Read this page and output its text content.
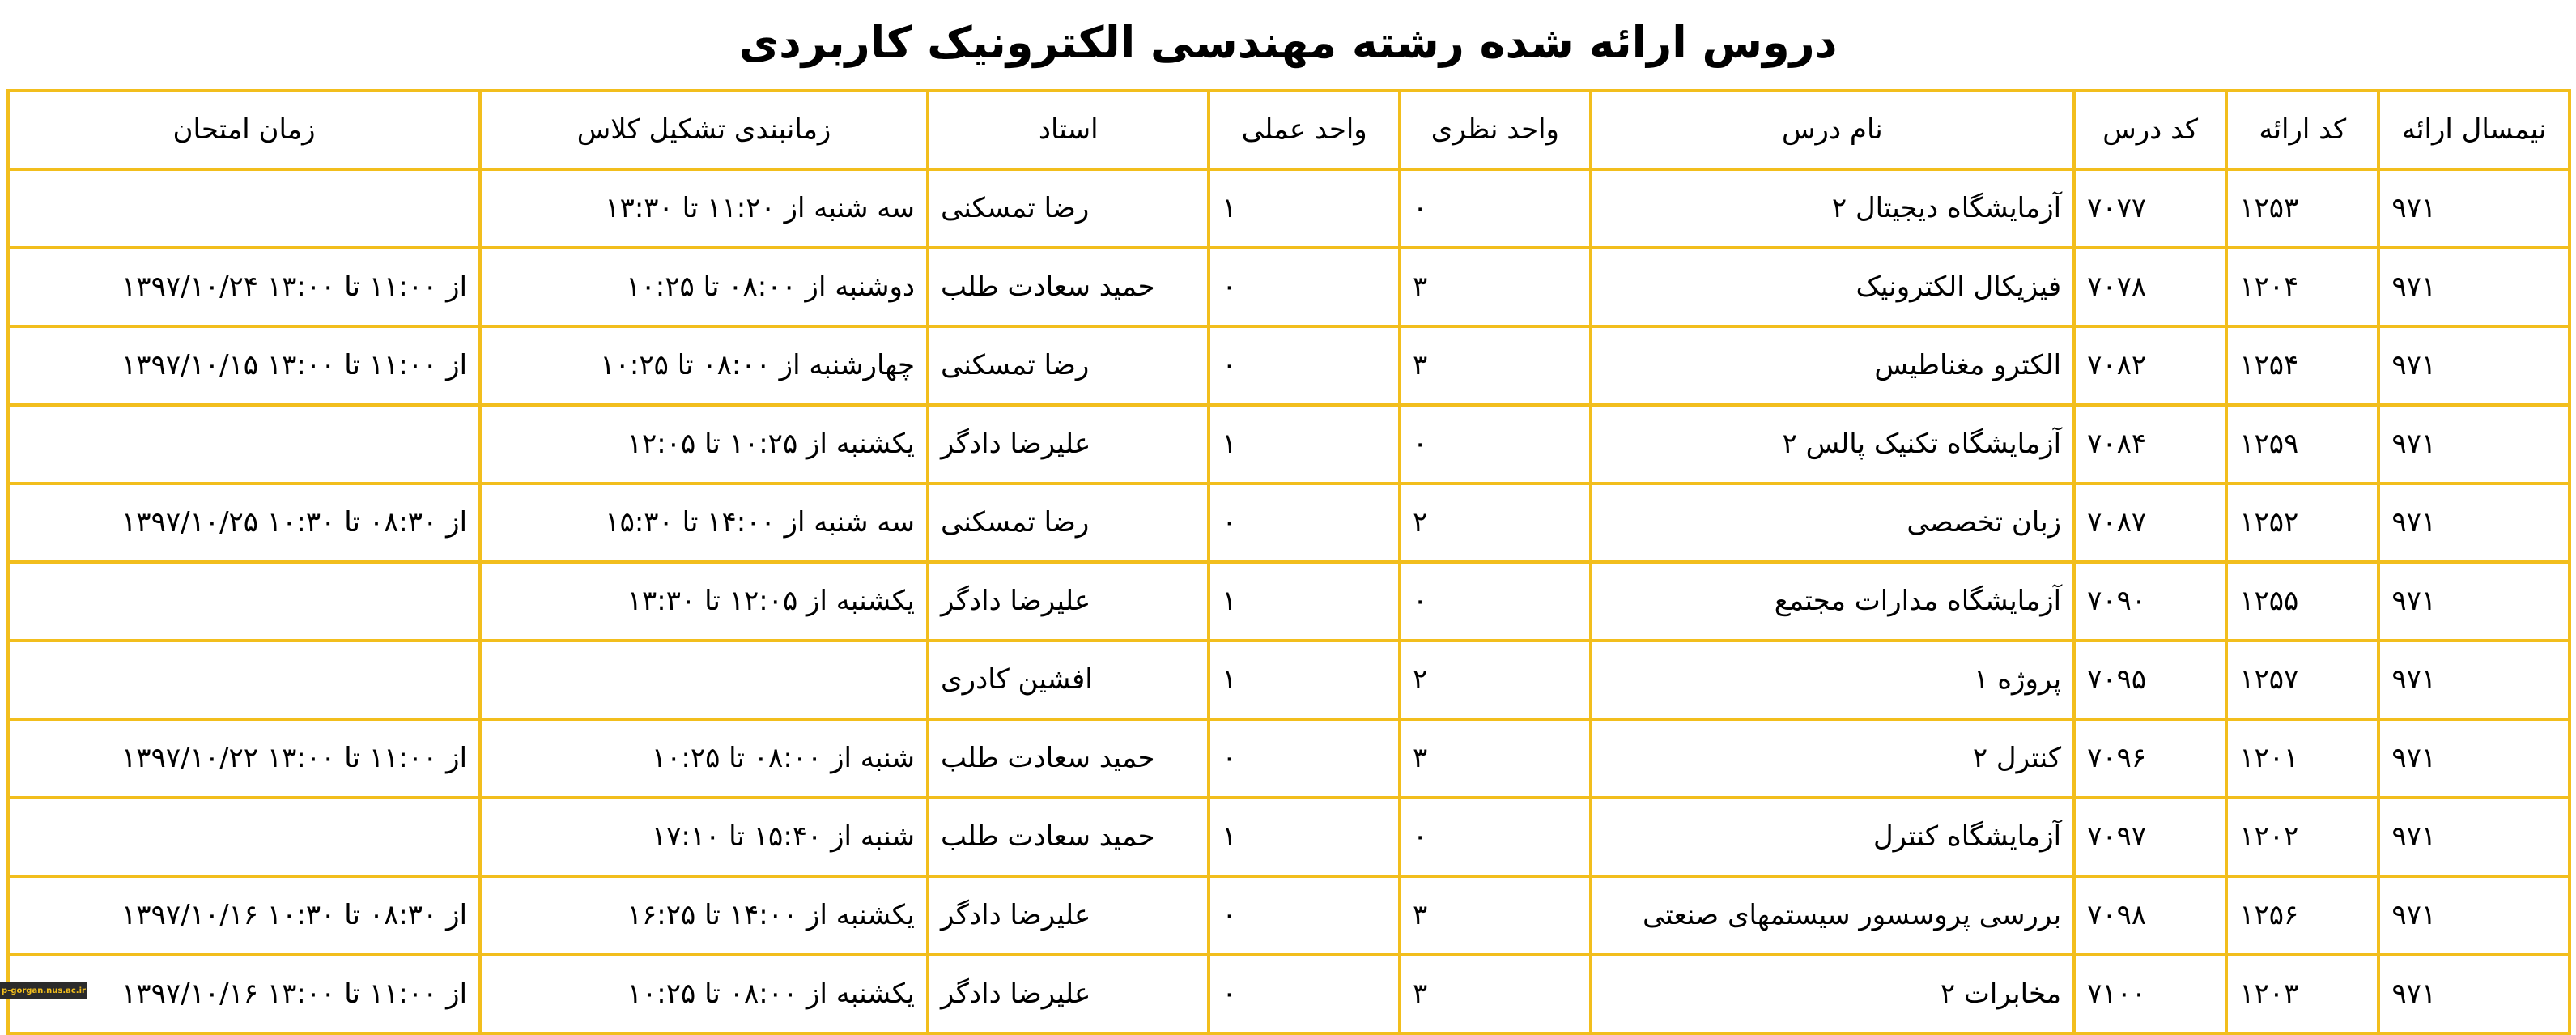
دروس ارائه شده رشته مهندسی الکترونیک کاربردی
نیمسال ارائه	کد ارائه	کد درس	نام درس	واحد نظری	واحد عملی	استاد	زمانبندی تشکیل کلاس	زمان امتحان
۹۷۱	۱۲۵۳	۷۰۷۷	آزمایشگاه دیجیتال ۲	۰	۱	رضا تمسکنی	سه شنبه از ۱۱:۲۰ تا ۱۳:۳۰	
۹۷۱	۱۲۰۴	۷۰۷۸	فیزیکال الکترونیک	۳	۰	حمید سعادت طلب	دوشنبه از ۰۸:۰۰ تا ۱۰:۲۵	از ۱۱:۰۰ تا ۱۳:۰۰ ۱۳۹۷/۱۰/۲۴
۹۷۱	۱۲۵۴	۷۰۸۲	الکترو مغناطیس	۳	۰	رضا تمسکنی	چهارشنبه از ۰۸:۰۰ تا ۱۰:۲۵	از ۱۱:۰۰ تا ۱۳:۰۰ ۱۳۹۷/۱۰/۱۵
۹۷۱	۱۲۵۹	۷۰۸۴	آزمایشگاه تکنیک پالس ۲	۰	۱	علیرضا دادگر	یکشنبه از ۱۰:۲۵ تا ۱۲:۰۵	
۹۷۱	۱۲۵۲	۷۰۸۷	زبان تخصصی	۲	۰	رضا تمسکنی	سه شنبه از ۱۴:۰۰ تا ۱۵:۳۰	از ۰۸:۳۰ تا ۱۰:۳۰ ۱۳۹۷/۱۰/۲۵
۹۷۱	۱۲۵۵	۷۰۹۰	آزمایشگاه مدارات مجتمع	۰	۱	علیرضا دادگر	یکشنبه از ۱۲:۰۵ تا ۱۳:۳۰	
۹۷۱	۱۲۵۷	۷۰۹۵	پروژه ۱	۲	۱	افشین کادری		
۹۷۱	۱۲۰۱	۷۰۹۶	کنترل ۲	۳	۰	حمید سعادت طلب	شنبه از ۰۸:۰۰ تا ۱۰:۲۵	از ۱۱:۰۰ تا ۱۳:۰۰ ۱۳۹۷/۱۰/۲۲
۹۷۱	۱۲۰۲	۷۰۹۷	آزمایشگاه کنترل	۰	۱	حمید سعادت طلب	شنبه از ۱۵:۴۰ تا ۱۷:۱۰	
۹۷۱	۱۲۵۶	۷۰۹۸	بررسی پروسسور سیستمهای صنعتی	۳	۰	علیرضا دادگر	یکشنبه از ۱۴:۰۰ تا ۱۶:۲۵	از ۰۸:۳۰ تا ۱۰:۳۰ ۱۳۹۷/۱۰/۱۶
۹۷۱	۱۲۰۳	۷۱۰۰	مخابرات ۲	۳	۰	علیرضا دادگر	یکشنبه از ۰۸:۰۰ تا ۱۰:۲۵	از ۱۱:۰۰ تا ۱۳:۰۰ ۱۳۹۷/۱۰/۱۶
p-gorgan.nus.ac.ir
